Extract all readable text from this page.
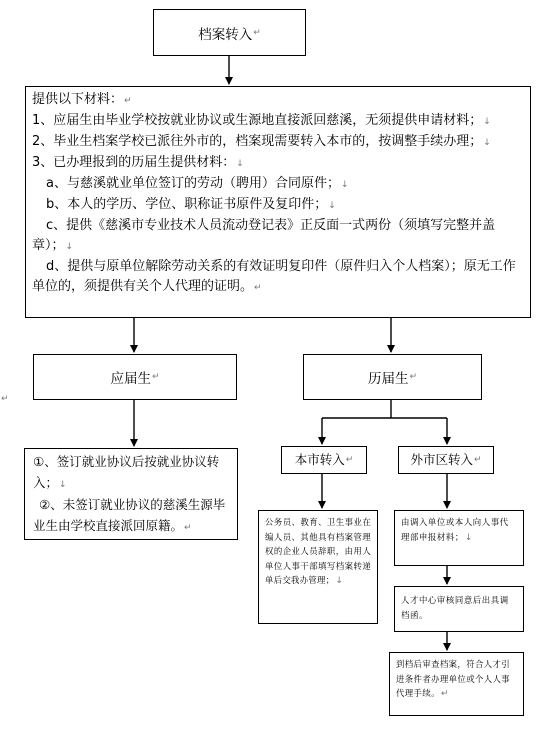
档案转入 ↵
提供以下材料：↵
1、应届生由毕业学校按就业协议或生源地直接派回慈溪，无须提供申请材料；↓
2、毕业生档案学校已派往外市的，档案现需要转入本市的，按调整手续办理；↓
3、已办理报到的历届生提供材料：↓
a、与慈溪就业单位签订的劳动（聘用）合同原件；↓
b、本人的学历、学位、职称证书原件及复印件；↓
c、提供《慈溪市专业技术人员流动登记表》正反面一式两份（须填写完整并盖章）；↓
d、提供与原单位解除劳动关系的有效证明复印件（原件归入个人档案）；原无工作单位的，须提供有关个人代理的证明。↵
↵
应届生 ↵	历届生 ↵
①、签订就业协议后按就业协议转入；↓
②、未签订就业协议的慈溪生源毕业生由学校直接派回原籍。↵
本市转入 ↵	外市区转入 ↵
公务员、教育、卫生事业在编人员、其他具有档案管理权的企业人员辞职，由用人单位人事干部填写档案转递单后交我办管理；↓
由调入单位或本人向人事代理部申报材料；↓
人才中心审核同意后出具调档函。
到档后审查档案，符合人才引进条件者办理单位或个人人事代理手续。↵
